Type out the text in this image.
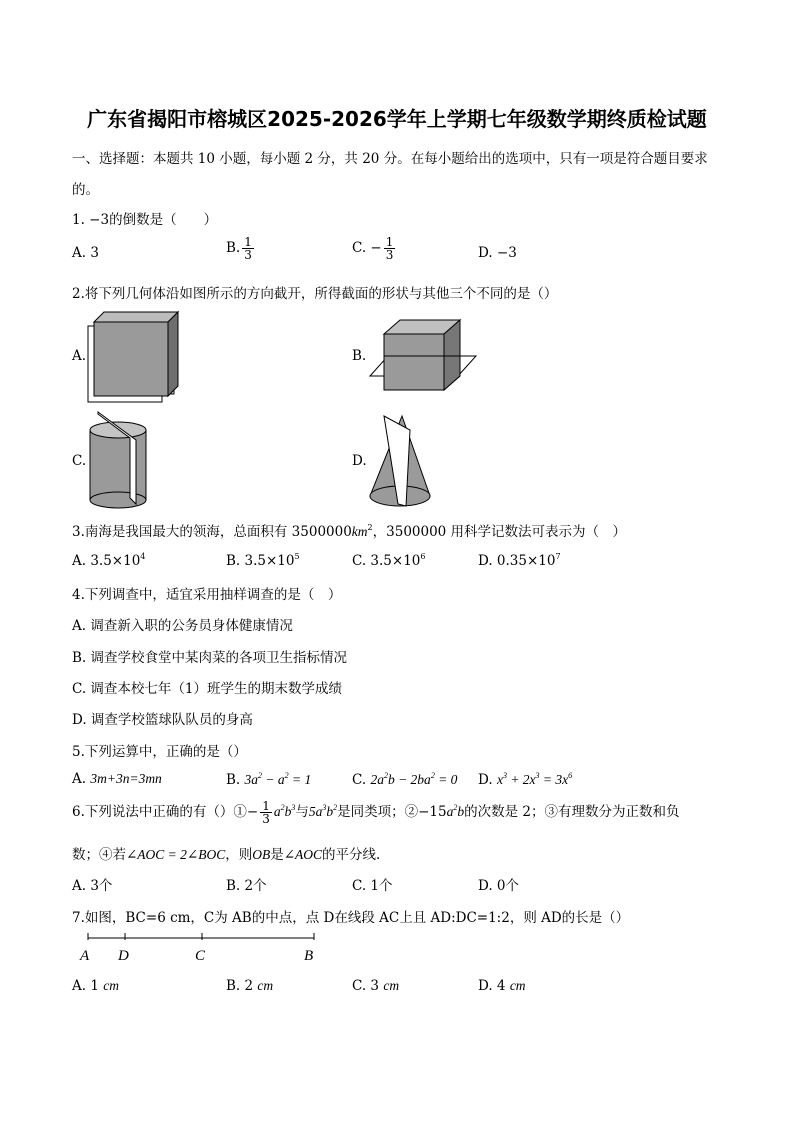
广东省揭阳市榕城区2025-2026学年上学期七年级数学期终质检试题
一、选择题：本题共 10 小题，每小题 2 分，共 20 分。在每小题给出的选项中，只有一项是符合题目要求
的。
1. −3的倒数是（　　）
A. 3	B. $\frac{1}{3}$	C. − $\frac{1}{3}$	D. −3
2.将下列几何体沿如图所示的方向截开，所得截面的形状与其他三个不同的是（）
A.	B.
C.	D.
3.南海是我国最大的领海，总面积有 $3500000km^2$，3500000 用科学记数法可表示为（　）
A. $3.5\times 10^4$	B. $3.5\times 10^5$	C. $3.5\times 10^6$	D. $0.35\times 10^7$
4.下列调查中，适宜采用抽样调查的是（　）
A. 调查新入职的公务员身体健康情况
B. 调查学校食堂中某肉菜的各项卫生指标情况
C. 调查本校七年（1）班学生的期末数学成绩
D. 调查学校篮球队队员的身高
5.下列运算中，正确的是（）
A. 3m+3n=3mn	B. $3a^2 - a^2 = 1$	C. $2a^2b - 2ba^2 = 0$ D. $x^3 + 2x^3 = 3x^6$
6.下列说法中正确的有（）①− $\frac{1}{3} a^2b^3$与$5a^3b^2$是同类项；$②-15a^2b$的次数是 2；③有理数分为正数和负
数；④若∠AOC = 2∠BOC，则OB是∠AOC的平分线.
A. 3个	B. 2个	C. 1个	D. 0个
7.如图，BC=6 cm，C为 AB的中点，点 D在线段 AC上且 AD:DC=1:2，则 AD的长是（）
A D	C	B
A. 1 cm	B. 2 cm	C. 3 cm	D. 4 cm
